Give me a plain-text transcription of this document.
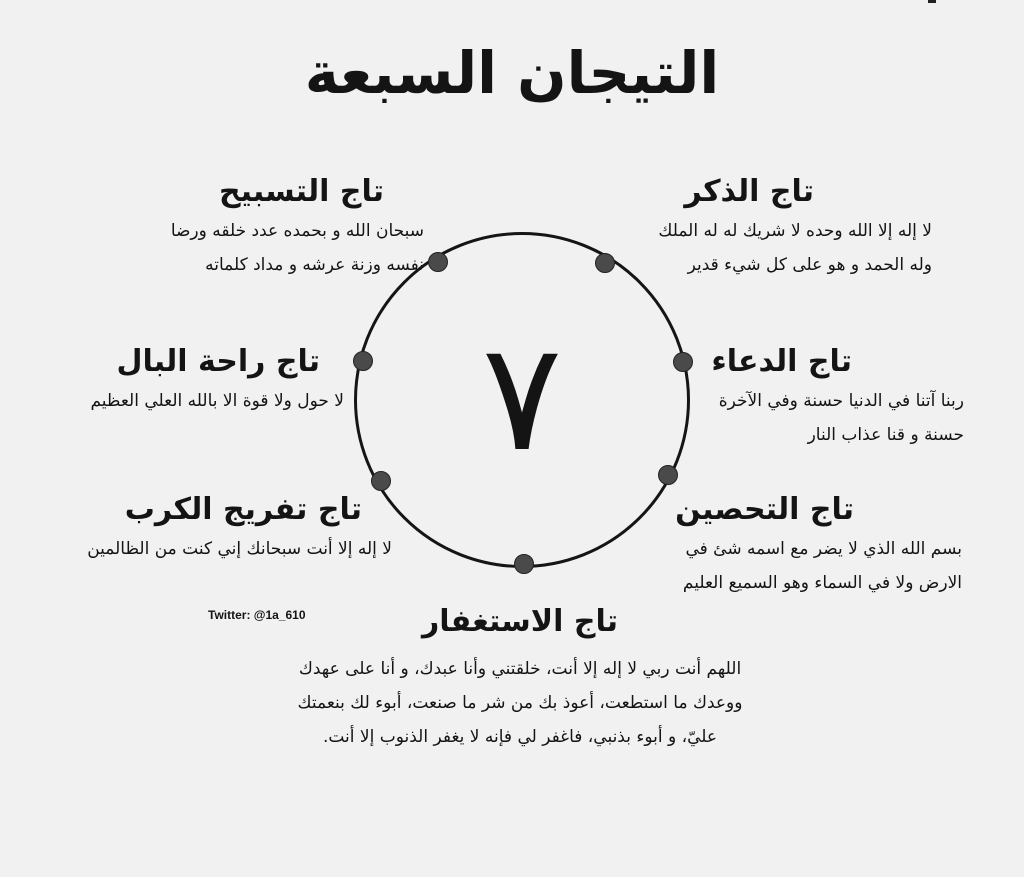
التيجان السبعة
٧
تاج التسبيح
سبحان الله و بحمده عدد خلقه ورضا
نفسه وزنة عرشه و مداد كلماته
تاج الذكر
لا إله إلا الله وحده لا شريك له له الملك
وله الحمد و هو على كل شيء قدير
تاج راحة البال
لا حول ولا قوة الا بالله العلي العظيم
تاج الدعاء
ربنا آتنا في الدنيا حسنة وفي الآخرة
حسنة و قنا عذاب النار
تاج تفريج الكرب
لا إله إلا أنت سبحانك إني كنت من الظالمين
تاج التحصين
بسم الله الذي لا يضر مع اسمه شئ في
الارض ولا في السماء وهو السميع العليم
Twitter: @1a_610	تاج الاستغفار
اللهم أنت ربي لا إله إلا أنت، خلقتني وأنا عبدك، و أنا على عهدك
ووعدك ما استطعت، أعوذ بك من شر ما صنعت، أبوء لك بنعمتك
عليّ، و أبوء بذنبي، فاغفر لي فإنه لا يغفر الذنوب إلا أنت.
